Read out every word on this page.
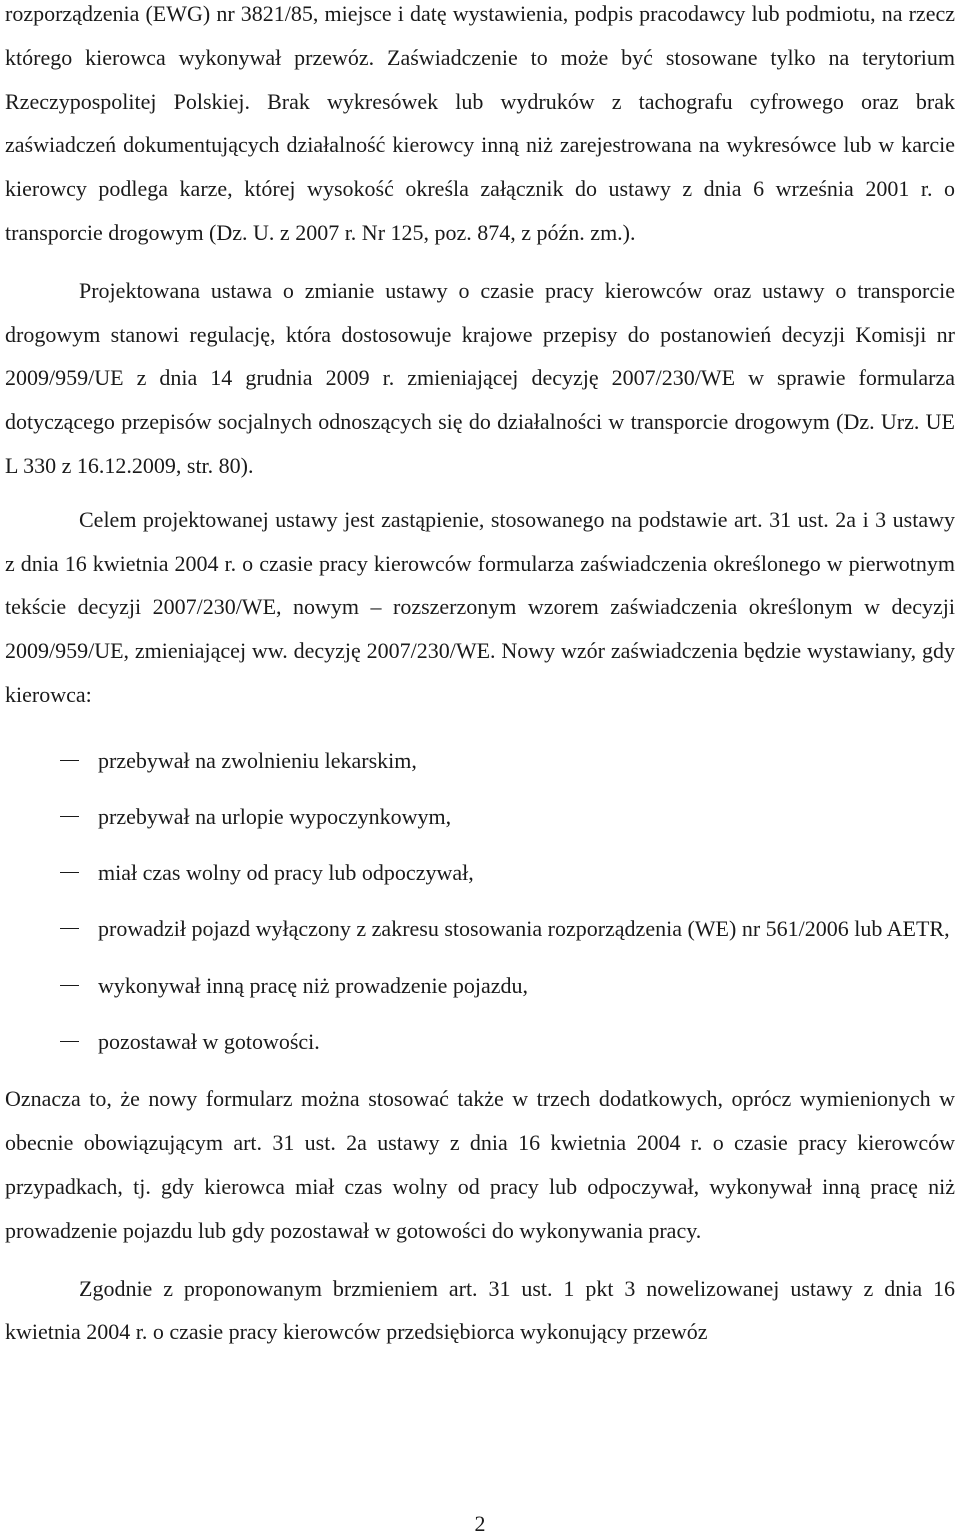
rozporządzenia (EWG) nr 3821/85, miejsce i datę wystawienia, podpis pracodawcy lub podmiotu, na rzecz którego kierowca wykonywał przewóz. Zaświadczenie to może być stosowane tylko na terytorium Rzeczypospolitej Polskiej. Brak wykresówek lub wydruków z tachografu cyfrowego oraz brak zaświadczeń dokumentujących działalność kierowcy inną niż zarejestrowana na wykresówce lub w karcie kierowcy podlega karze, której wysokość określa załącznik do ustawy z dnia 6 września 2001 r. o transporcie drogowym (Dz. U. z 2007 r. Nr 125, poz. 874, z późn. zm.).

Projektowana ustawa o zmianie ustawy o czasie pracy kierowców oraz ustawy o transporcie drogowym stanowi regulację, która dostosowuje krajowe przepisy do postanowień decyzji Komisji nr 2009/959/UE z dnia 14 grudnia 2009 r. zmieniającej decyzję 2007/230/WE w sprawie formularza dotyczącego przepisów socjalnych odnoszących się do działalności w transporcie drogowym (Dz. Urz. UE L 330 z 16.12.2009, str. 80).

Celem projektowanej ustawy jest zastąpienie, stosowanego na podstawie art. 31 ust. 2a i 3 ustawy z dnia 16 kwietnia 2004 r. o czasie pracy kierowców formularza zaświadczenia określonego w pierwotnym tekście decyzji 2007/230/WE, nowym – rozszerzonym wzorem zaświadczenia określonym w decyzji 2009/959/UE, zmieniającej ww. decyzję 2007/230/WE. Nowy wzór zaświadczenia będzie wystawiany, gdy kierowca:

przebywał na zwolnieniu lekarskim,
przebywał na urlopie wypoczynkowym,
miał czas wolny od pracy lub odpoczywał,
prowadził pojazd wyłączony z zakresu stosowania rozporządzenia (WE) nr 561/2006 lub AETR,
wykonywał inną pracę niż prowadzenie pojazdu,
pozostawał w gotowości.

Oznacza to, że nowy formularz można stosować także w trzech dodatkowych, oprócz wymienionych w obecnie obowiązującym art. 31 ust. 2a ustawy z dnia 16 kwietnia 2004 r. o czasie pracy kierowców przypadkach, tj. gdy kierowca miał czas wolny od pracy lub odpoczywał, wykonywał inną pracę niż prowadzenie pojazdu lub gdy pozostawał w gotowości do wykonywania pracy.

Zgodnie z proponowanym brzmieniem art. 31 ust. 1 pkt 3 nowelizowanej ustawy z dnia 16 kwietnia 2004 r. o czasie pracy kierowców przedsiębiorca wykonujący przewóz

2
